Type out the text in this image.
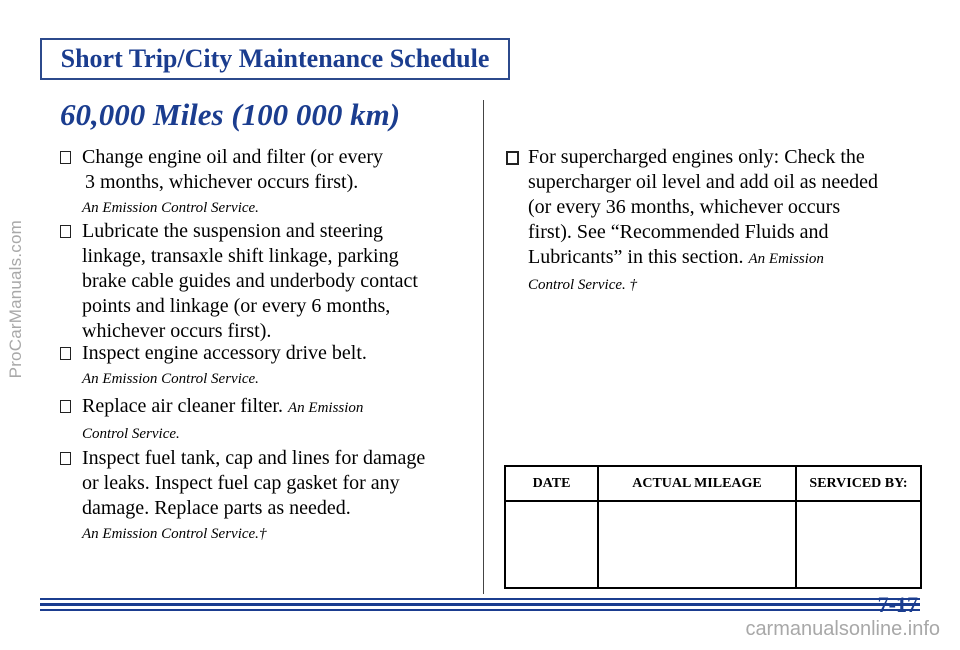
ProCarManuals.com
Short Trip/City Maintenance Schedule
60,000 Miles (100 000 km)
Change engine oil and filter (or every
3 months, whichever occurs first).
An Emission Control Service.
Lubricate the suspension and steering
linkage, transaxle shift linkage, parking
brake cable guides and underbody contact
points and linkage (or every 6 months,
whichever occurs first).
Inspect engine accessory drive belt.
An Emission Control Service.
Replace air cleaner filter. An Emission
Control Service.
Inspect fuel tank, cap and lines for damage
or leaks. Inspect fuel cap gasket for any
damage. Replace parts as needed.
An Emission Control Service.†
For supercharged engines only: Check the
supercharger oil level and add oil as needed
(or every 36 months, whichever occurs
first). See “Recommended Fluids and
Lubricants” in this section. An Emission
Control Service. †
DATE	ACTUAL MILEAGE	SERVICED BY:

7-17
carmanualsonline.info
